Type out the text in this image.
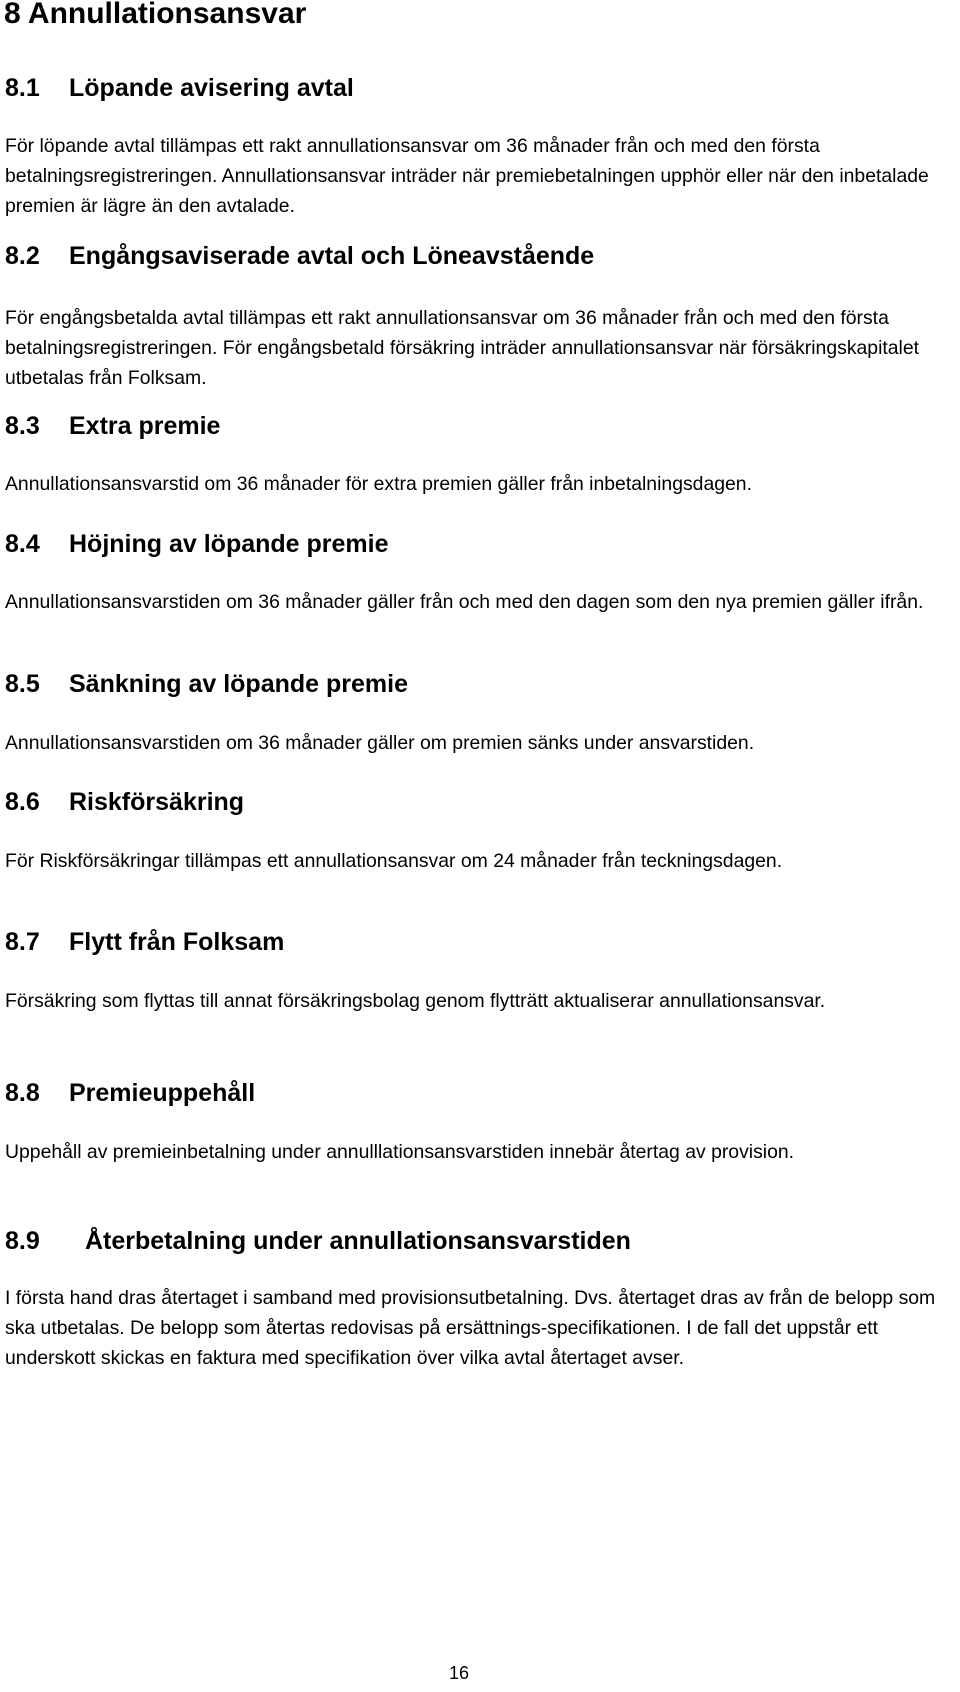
8 Annullationsansvar
8.1 Löpande avisering avtal

För löpande avtal tillämpas ett rakt annullationsansvar om 36 månader från och med den första betalningsregistreringen. Annullationsansvar inträder när premiebetalningen upphör eller när den inbetalade premien är lägre än den avtalade.

8.2 Engångsaviserade avtal och Löneavstående

För engångsbetalda avtal tillämpas ett rakt annullationsansvar om 36 månader från och med den första betalningsregistreringen. För engångsbetald försäkring inträder annullationsansvar när försäkringskapitalet utbetalas från Folksam.

8.3 Extra premie

Annullationsansvarstid om 36 månader för extra premien gäller från inbetalningsdagen.

8.4 Höjning av löpande premie

Annullationsansvarstiden om 36 månader gäller från och med den dagen som den nya premien gäller ifrån.

8.5 Sänkning av löpande premie

Annullationsansvarstiden om 36 månader gäller om premien sänks under ansvarstiden.

8.6 Riskförsäkring

För Riskförsäkringar tillämpas ett annullationsansvar om 24 månader från teckningsdagen.

8.7 Flytt från Folksam

Försäkring som flyttas till annat försäkringsbolag genom flytträtt aktualiserar annullationsansvar.

8.8 Premieuppehåll

Uppehåll av premieinbetalning under annulllationsansvarstiden innebär återtag av provision.

8.9 Återbetalning under annullationsansvarstiden

I första hand dras återtaget i samband med provisionsutbetalning. Dvs. återtaget dras av från de belopp som ska utbetalas. De belopp som återtas redovisas på ersättnings-specifikationen. I de fall det uppstår ett underskott skickas en faktura med specifikation över vilka avtal återtaget avser.

16
